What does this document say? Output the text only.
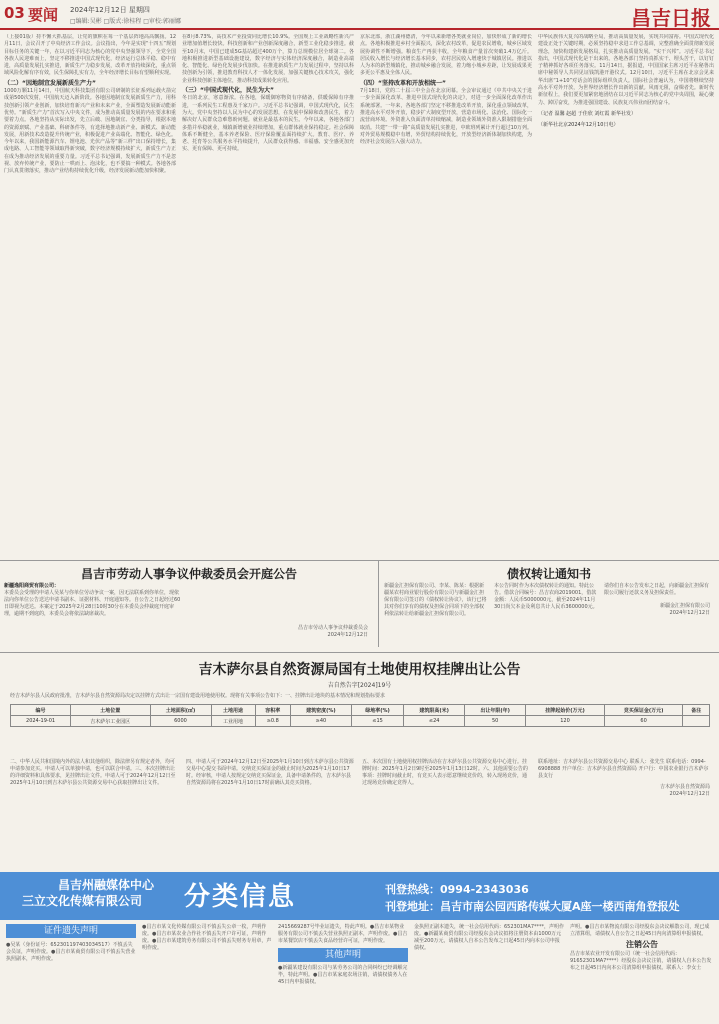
03 要闻 2024年12月12日 星期四
□编辑:吴彬 □版式:徐桂程 □审校:郭丽娜	昌吉日报

（上接01版）持不懈大抓基层，让党的旗帜在每一个基层阵地高高飘扬。12月11日，会议召开了中央经济工作会议。会议指出，今年是实现“十四五”规划目标任务的关键一年，在以习近平同志为核心的党中央坚强领导下，全党全国各族人民迎难而上，坚定不移推进中国式现代化，经济运行总体平稳、稳中有进，高质量发展扎实推进，新质生产力稳步发展，改革开放持续深化，重点领域风险化解有序有效，民生保障扎实有力，全年经济增长目标有望顺利实现。

（二）“因地制宜发展新质生产力”

1000万颗11月14日，中国航天科技集团有限公司研制的长征系列运载火箭完成第500次发射，中国航天迈入新阶段。各地因地制宜发展新质生产力，用科技创新引领产业创新，加快培育新兴产业和未来产业，全面塑造发展新动能新优势。“新质生产力”首次写入中央文件，成为推动高质量发展的内在要求和重要着力点。各地坚持从实际出发，先立后破、因地制宜、分类指导，根据本地的资源禀赋、产业基础、科研条件等，有选择地推动新产业、新模式、新动能发展，用新技术改造提升传统产业，积极促进产业高端化、智能化、绿色化。今年以来，我国新能源汽车、锂电池、光伏产品等“新三样”出口保持增长，集成电路、人工智能等领域取得新突破，数字经济规模持续扩大，新质生产力正在成为推动经济发展的重要力量。习近平总书记强调，发展新质生产力不是忽视、放弃传统产业，要防止一哄而上、泡沫化，也不要搞一种模式。各地各部门认真贯彻落实，推动产业结构持续优化升级，经济发展新动能加快积聚。

在8月8.73%，高技术产业投资同比增长10.9%。全国规上工业战略性新兴产业增加值增长较快。科技创新和产业创新深度融合，新型工业化稳步推进。截至10月末，中国已建成5G基站超过400万个，算力总规模位居全球第二。各地积极推进新型基础设施建设，数字经济与实体经济深度融合，制造业高端化、智能化、绿色化发展步伐加快。在推进新质生产力发展过程中，坚持以科技创新为引领，推进教育科技人才一体化发展，加强关键核心技术攻关，强化企业科技创新主体地位，推动科技成果转化应用。

（三）“中国式现代化，民生为大”

冬日的北京，寒意渐浓。在各地，保暖御寒物资有序储备，供暖保障有序推进，一系列民生工程惠及千家万户。习近平总书记强调，中国式现代化，民生为大。党中央坚持以人民为中心的发展思想，在发展中保障和改善民生，着力解决好人民群众急难愁盼问题。就业是最基本的民生。今年以来，各地各部门多措并举稳就业，城镇新增就业持续增加，重点群体就业保持稳定。社会保障体系不断健全，基本养老保险、医疗保险覆盖面持续扩大。教育、医疗、养老、托育等公共服务水平持续提升，人民群众获得感、幸福感、安全感更加充实、更有保障、更可持续。

京东北部，浙江湖州德清，今年以来新增各类就业岗位，加快形成了新的增长点。各地积极推进乡村全面振兴，深化农村改革，促进农民增收，城乡区域发展协调性不断增强。粮食生产再获丰收，全年粮食产量首次突破1.4万亿斤。居民收入增长与经济增长基本同步，农村居民收入增速快于城镇居民。推进以人为本的新型城镇化，推动城乡融合发展，着力缩小城乡差距，让发展成果更多更公平惠及全体人民。

（四）“坚持改革和开放相统一”

7月18日，党的二十届三中全会在北京闭幕。全会审议通过《中共中央关于进一步全面深化改革、推进中国式现代化的决定》，对进一步全面深化改革作出系统部署。一年来，各地各部门坚定不移推进改革开放，深化重点领域改革，推进高水平对外开放，稳步扩大制度型开放，营造市场化、法治化、国际化一流营商环境。外资准入负面清单持续缩减，制造业领域外资准入限制措施全面取消。共建“一带一路”高质量发展扎实推进，中欧班列累计开行超过10万列。对外贸易规模稳中有增，外贸结构持续优化，开放型经济新体制加快构建，为经济社会发展注入强大动力。

中华民族伟大复兴的战略全局，推动高质量发展，实现共同富裕。中国式现代化建设正处于关键时期，必须坚持稳中求进工作总基调，完整准确全面贯彻新发展理念，加快构建新发展格局，扎实推动高质量发展。“实干兴邦”。习近平总书记指出，中国式现代化是干出来的。各地各部门坚持真抓实干、埋头苦干，以钉钉子精神抓好各项任务落实。11月14日，据报道，中国国家主席习近平在秘鲁出席中秘领导人共同见证钱凯港开港仪式。12月10日，习近平主席在北京会见来华出席“1+10”对话会的国际组织负责人。国际社会普遍认为，中国将继续坚持高水平对外开放，为世界经济增长作出新的贡献。风雨无阻，奋楫者先。新时代新征程上，我们要更加紧密地团结在以习近平同志为核心的党中央周围，凝心聚力、踔厉奋发，为推进强国建设、民族复兴伟业而团结奋斗。

（记者 温馨 赵超 于佳欣 刘红霞 新华社发）

（新华社北京2024年12月10日电）

昌吉市劳动人事争议仲裁委员会开庭公告
新疆逸阳商贸有限公司：
本委员会受理的申请人吴某与你单位劳动争议一案，因无法联系到你单位，现依法向你单位公告送达申请书副本、证据材料、开庭通知等。自公告之日起经过60日即视为送达。本案定于2025年2月28日10时30分在本委员会仲裁庭开庭审理，逾期不到庭的，本委员会将依法缺席裁决。
昌吉市劳动人事争议仲裁委员会
2024年12月12日
债权转让通知书
新疆金汇担保有限公司、李某、陈某：根据新疆某农村商业银行股份有限公司与新疆金汇担保有限公司签订的《债权转让协议》，该行已将其对你们享有的债权及担保合同项下的全部权利依法转让给新疆金汇担保有限公司。
本公告同时作为本次债权转让的通知。特此公告。借款合同编号：昌吉农商2019001，借款金额：人民币5000000元，截至2024年11月30日尚欠本金及利息共计人民币3600000元。
请你们自本公告发布之日起，向新疆金汇担保有限公司履行还款义务及担保责任。
新疆金汇担保有限公司
2024年12月12日
吉木萨尔县自然资源局国有土地使用权挂牌出让公告
吉自然告字[2024]19号
经吉木萨尔县人民政府批准，吉木萨尔县自然资源局决定以挂牌方式出让一宗国有建设用地使用权。现将有关事项公告如下：一、挂牌出让地块的基本情况和规划指标要求
编号	土地位置	土地面积(㎡)	土地用途	容积率	建筑密度(%)	绿地率(%)	建筑限高(米)	出让年限(年)	挂牌起始价(万元)	竞买保证金(万元)	备注
2024-19-01	吉木萨尔工业园区	6000	工业用地	≥0.8	≥40	≤15	≤24	50	120	60	
二、中华人民共和国境内外的法人和其他组织，除法律另有规定者外，均可申请参加竞买。申请人可以单独申请，也可以联合申请。三、本次挂牌出让的详细资料和具体要求，见挂牌出让文件。申请人可于2024年12月12日至2025年1月10日到吉木萨尔县公共资源交易中心获取挂牌出让文件。
四、申请人可于2024年12月12日至2025年1月10日到吉木萨尔县公共资源交易中心提交书面申请。交纳竞买保证金的截止时间为2025年1月10日17时。经审核，申请人按规定交纳竞买保证金，具备申请条件的，吉木萨尔县自然资源局将在2025年1月10日17时前确认其竞买资格。
五、本次国有土地使用权挂牌活动在吉木萨尔县公共资源交易中心进行。挂牌时间：2025年1月2日9时至2025年1月13日12时。六、其他需要公告的事项：挂牌时间截止时，有竞买人表示愿意继续竞价的，转入现场竞价，通过现场竞价确定竞得人。
联系地址：吉木萨尔县公共资源交易中心 联系人：张先生 联系电话：0994-6908888 开户单位：吉木萨尔县自然资源局 开户行：中国农业银行吉木萨尔县支行
吉木萨尔县自然资源局
2024年12月12日
昌吉州融媒体中心
三立文化传媒有限公司 分类信息	刊登热线：0994-2343036
刊登地址：昌吉市南公园西路传媒大厦A座一楼西南角登报处
证件遗失声明
●吴某（身份证号：652301197403034517）不慎丢失会员证，声明作废。●昌吉市某商贸有限公司不慎丢失营业执照副本，声明作废。
●昌吉市某文化传媒有限公司不慎丢失公章一枚，声明作废。●昌吉市某农业合作社不慎丢失开户许可证，声明作废。●昌吉市某建筑劳务有限公司不慎丢失财务专用章，声明作废。
2415669287号毕业证遗失，特此声明。●昌吉市某物业服务有限公司不慎丢失营业执照正副本，声明作废。●昌吉市某餐饮店不慎丢失食品经营许可证，声明作废。
其他声明
●新疆某建设有限公司与某劳务公司的合同纠纷已经调解完毕，特此声明。●昌吉市某家庭农场注销，请债权债务人在45日内申报债权。
金执照正副本遗失，统一社会信用代码：652301MA7****，声明作废。●新疆某商贸有限公司经股东会决议拟将注册资本由1000万元减至200万元，请债权人自本公告发布之日起45日内向本公司申报债权。
声明。●昌吉市某物流有限公司经股东会决议解散公司，现已成立清算组，请债权人自公告之日起45日内向清算组申报债权。
注销公告
昌吉市某农业开发有限公司（统一社会信用代码：91652301MA7****）经股东会决议注销，请债权人自本公告发布之日起45日内向本公司清算组申报债权。联系人：李女士
